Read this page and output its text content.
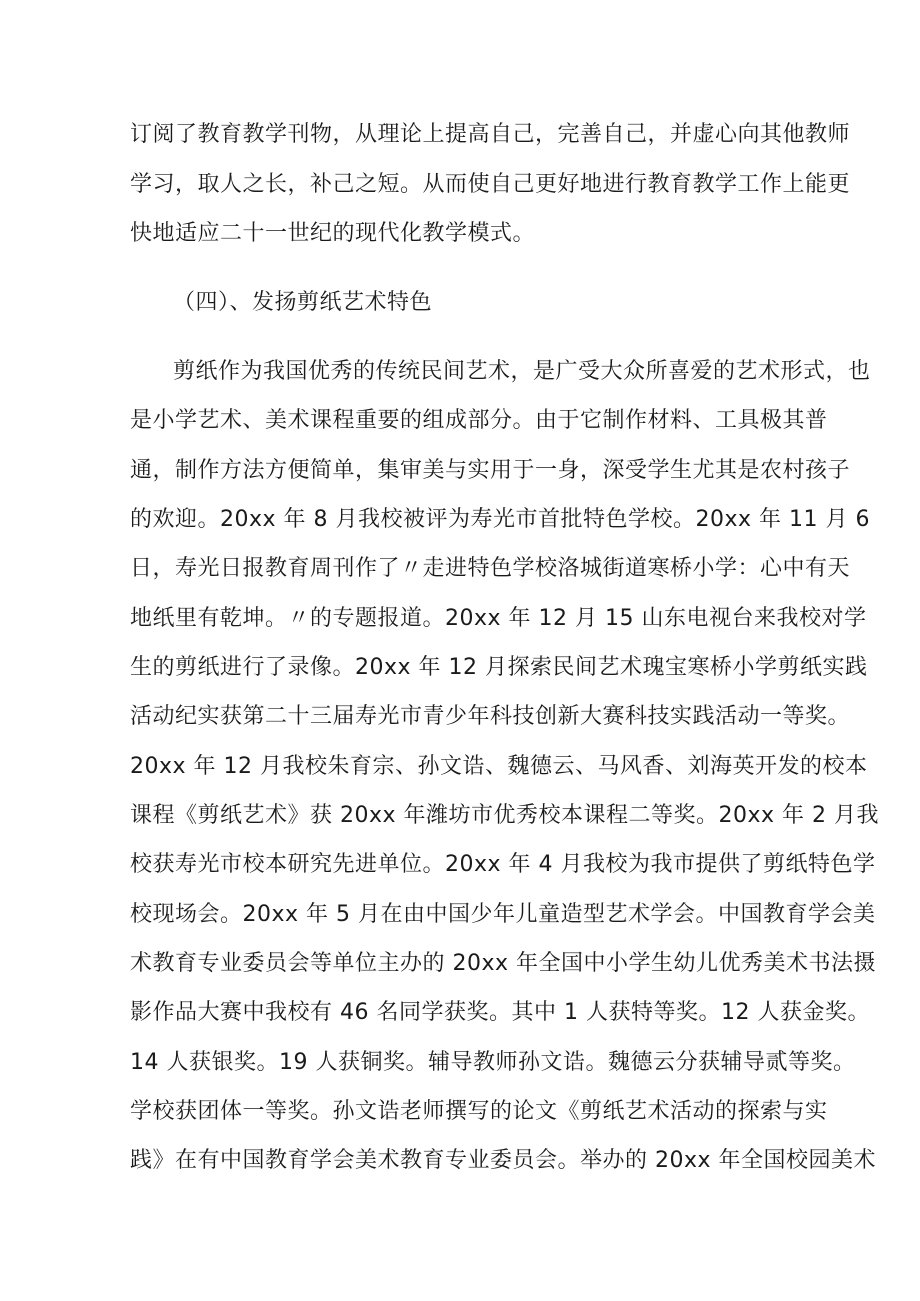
订阅了教育教学刊物，从理论上提高自己，完善自己，并虚心向其他教师

学习，取人之长，补己之短。从而使自己更好地进行教育教学工作上能更

快地适应二十一世纪的现代化教学模式。

（四）、发扬剪纸艺术特色

剪纸作为我国优秀的传统民间艺术，是广受大众所喜爱的艺术形式，也

是小学艺术、美术课程重要的组成部分。由于它制作材料、工具极其普

通，制作方法方便简单，集审美与实用于一身，深受学生尤其是农村孩子

的欢迎。20xx 年 8 月我校被评为寿光市首批特色学校。20xx 年 11 月 6

日，寿光日报教育周刊作了〃走进特色学校洛城街道寒桥小学：心中有天

地纸里有乾坤。〃的专题报道。20xx 年 12 月 15 山东电视台来我校对学

生的剪纸进行了录像。20xx 年 12 月探索民间艺术瑰宝寒桥小学剪纸实践

活动纪实获第二十三届寿光市青少年科技创新大赛科技实践活动一等奖。

20xx 年 12 月我校朱育宗、孙文诰、魏德云、马风香、刘海英开发的校本

课程《剪纸艺术》获 20xx 年潍坊市优秀校本课程二等奖。20xx 年 2 月我

校获寿光市校本研究先进单位。20xx 年 4 月我校为我市提供了剪纸特色学

校现场会。20xx 年 5 月在由中国少年儿童造型艺术学会。中国教育学会美

术教育专业委员会等单位主办的 20xx 年全国中小学生幼儿优秀美术书法摄

影作品大赛中我校有 46 名同学获奖。其中 1 人获特等奖。12 人获金奖。

14 人获银奖。19 人获铜奖。辅导教师孙文诰。魏德云分获辅导贰等奖。

学校获团体一等奖。孙文诰老师撰写的论文《剪纸艺术活动的探索与实

践》在有中国教育学会美术教育专业委员会。举办的 20xx 年全国校园美术
